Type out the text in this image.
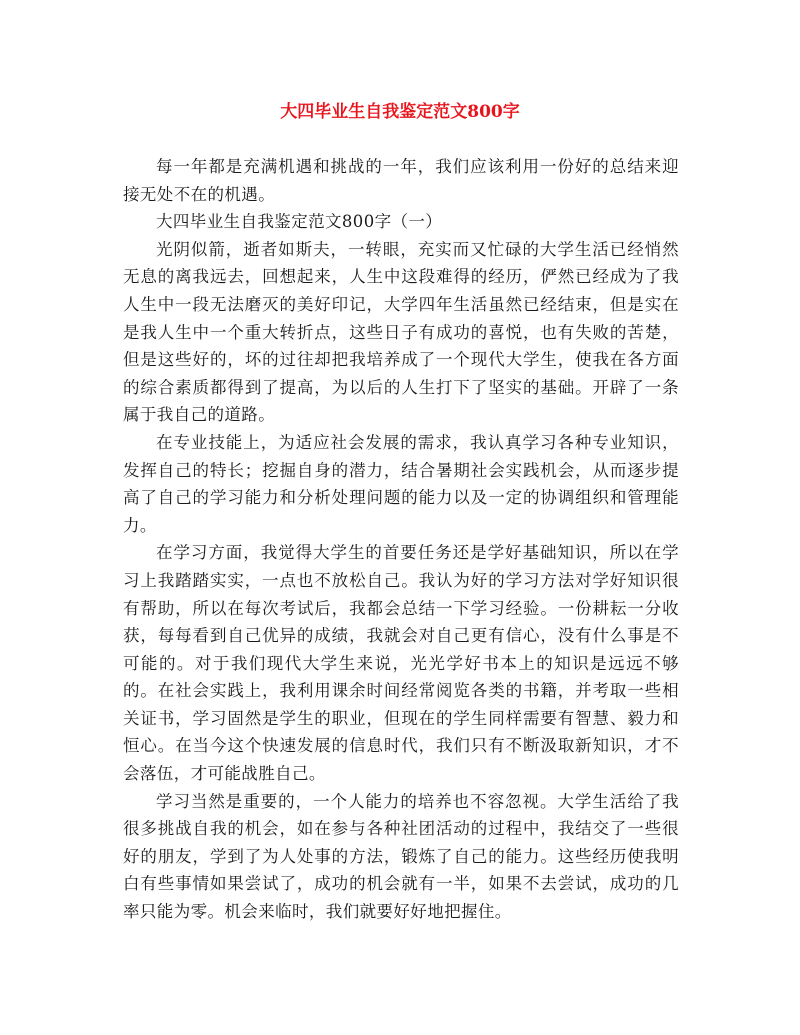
大四毕业生自我鉴定范文800字

每一年都是充满机遇和挑战的一年，我们应该利用一份好的总结来迎接无处不在的机遇。

大四毕业生自我鉴定范文800字（一）

光阴似箭，逝者如斯夫，一转眼，充实而又忙碌的大学生活已经悄然无息的离我远去，回想起来，人生中这段难得的经历，俨然已经成为了我人生中一段无法磨灭的美好印记，大学四年生活虽然已经结束，但是实在是我人生中一个重大转折点，这些日子有成功的喜悦，也有失败的苦楚，但是这些好的，坏的过往却把我培养成了一个现代大学生，使我在各方面的综合素质都得到了提高，为以后的人生打下了坚实的基础。开辟了一条属于我自己的道路。

在专业技能上，为适应社会发展的需求，我认真学习各种专业知识，发挥自己的特长；挖掘自身的潜力，结合暑期社会实践机会，从而逐步提高了自己的学习能力和分析处理问题的能力以及一定的协调组织和管理能力。

在学习方面，我觉得大学生的首要任务还是学好基础知识，所以在学习上我踏踏实实，一点也不放松自己。我认为好的学习方法对学好知识很有帮助，所以在每次考试后，我都会总结一下学习经验。一份耕耘一分收获，每每看到自己优异的成绩，我就会对自己更有信心，没有什么事是不可能的。对于我们现代大学生来说，光光学好书本上的知识是远远不够的。在社会实践上，我利用课余时间经常阅览各类的书籍，并考取一些相关证书，学习固然是学生的职业，但现在的学生同样需要有智慧、毅力和恒心。在当今这个快速发展的信息时代，我们只有不断汲取新知识，才不会落伍，才可能战胜自己。

学习当然是重要的，一个人能力的培养也不容忽视。大学生活给了我很多挑战自我的机会，如在参与各种社团活动的过程中，我结交了一些很好的朋友，学到了为人处事的方法，锻炼了自己的能力。这些经历使我明白有些事情如果尝试了，成功的机会就有一半，如果不去尝试，成功的几率只能为零。机会来临时，我们就要好好地把握住。
